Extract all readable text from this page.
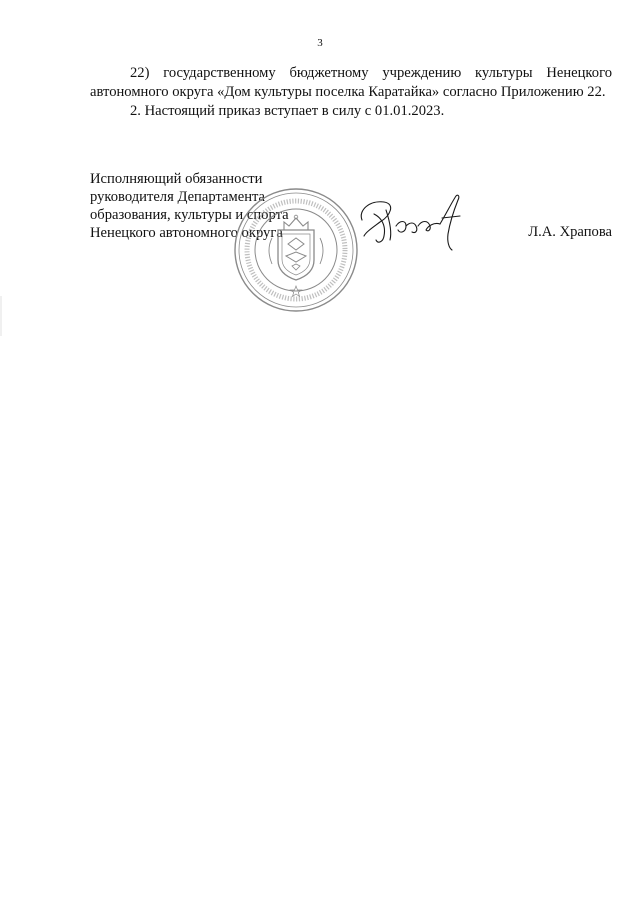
3

22) государственному бюджетному учреждению культуры Ненецкого автономного округа «Дом культуры поселка Каратайка» согласно Приложению 22.

2. Настоящий приказ вступает в силу с 01.01.2023.

Исполняющий обязанности
руководителя Департамента
образования, культуры и спорта
Ненецкого автономного округа	Л.А. Храпова
